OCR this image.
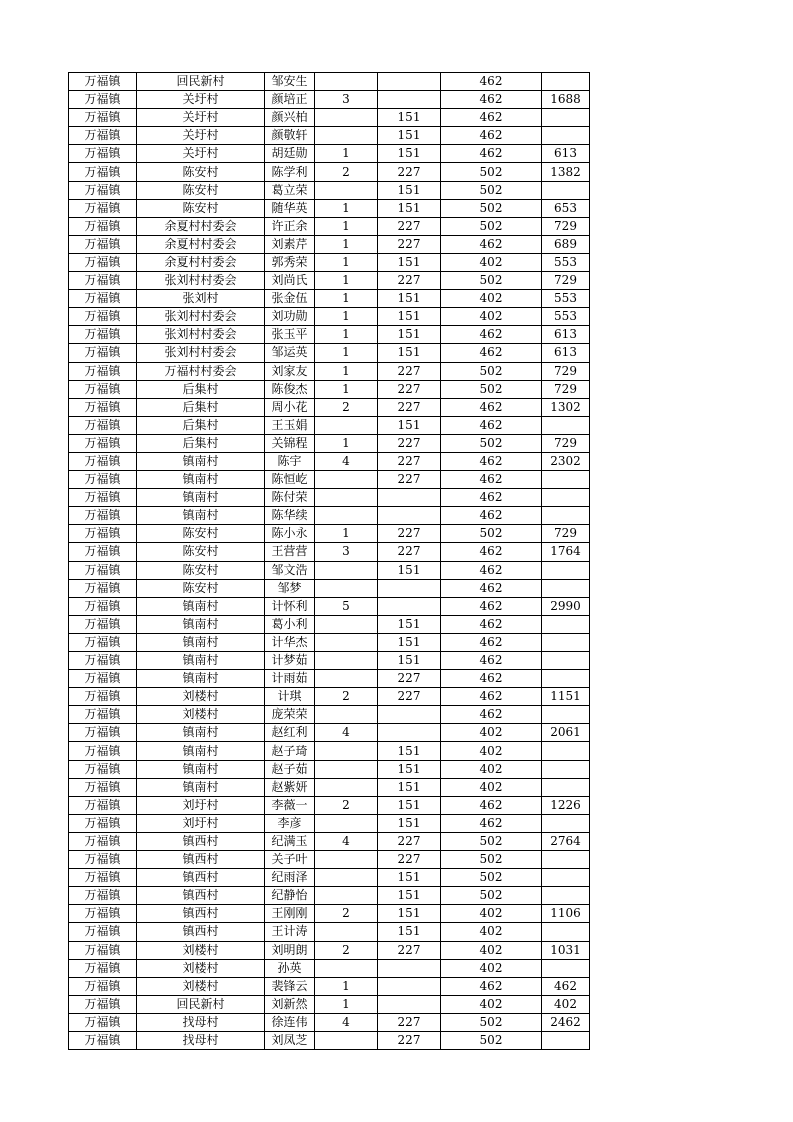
万福镇	回民新村	邹安生			462	
万福镇	关圩村	颜培正	3		462	1688
万福镇	关圩村	颜兴柏		151	462	
万福镇	关圩村	颜敬轩		151	462	
万福镇	关圩村	胡廷勋	1	151	462	613
万福镇	陈安村	陈学利	2	227	502	1382
万福镇	陈安村	葛立荣		151	502	
万福镇	陈安村	随华英	1	151	502	653
万福镇	余夏村村委会	许正余	1	227	502	729
万福镇	余夏村村委会	刘素芹	1	227	462	689
万福镇	余夏村村委会	郭秀荣	1	151	402	553
万福镇	张刘村村委会	刘尚氏	1	227	502	729
万福镇	张刘村	张金伍	1	151	402	553
万福镇	张刘村村委会	刘功勋	1	151	402	553
万福镇	张刘村村委会	张玉平	1	151	462	613
万福镇	张刘村村委会	邹运英	1	151	462	613
万福镇	万福村村委会	刘家友	1	227	502	729
万福镇	后集村	陈俊杰	1	227	502	729
万福镇	后集村	周小花	2	227	462	1302
万福镇	后集村	王玉娟		151	462	
万福镇	后集村	关锦程	1	227	502	729
万福镇	镇南村	陈宇	4	227	462	2302
万福镇	镇南村	陈恒屹		227	462	
万福镇	镇南村	陈付荣			462	
万福镇	镇南村	陈华续			462	
万福镇	陈安村	陈小永	1	227	502	729
万福镇	陈安村	王营营	3	227	462	1764
万福镇	陈安村	邹文浩		151	462	
万福镇	陈安村	邹梦			462	
万福镇	镇南村	计怀利	5		462	2990
万福镇	镇南村	葛小利		151	462	
万福镇	镇南村	计华杰		151	462	
万福镇	镇南村	计梦茹		151	462	
万福镇	镇南村	计雨茹		227	462	
万福镇	刘楼村	计琪	2	227	462	1151
万福镇	刘楼村	庞荣荣			462	
万福镇	镇南村	赵红利	4		402	2061
万福镇	镇南村	赵子琦		151	402	
万福镇	镇南村	赵子茹		151	402	
万福镇	镇南村	赵紫妍		151	402	
万福镇	刘圩村	李薇一	2	151	462	1226
万福镇	刘圩村	李彦		151	462	
万福镇	镇西村	纪满玉	4	227	502	2764
万福镇	镇西村	关子叶		227	502	
万福镇	镇西村	纪雨泽		151	502	
万福镇	镇西村	纪静怡		151	502	
万福镇	镇西村	王刚刚	2	151	402	1106
万福镇	镇西村	王计涛		151	402	
万福镇	刘楼村	刘明朗	2	227	402	1031
万福镇	刘楼村	孙英			402	
万福镇	刘楼村	裴锋云	1		462	462
万福镇	回民新村	刘新然	1		402	402
万福镇	找母村	徐连伟	4	227	502	2462
万福镇	找母村	刘凤芝		227	502	
